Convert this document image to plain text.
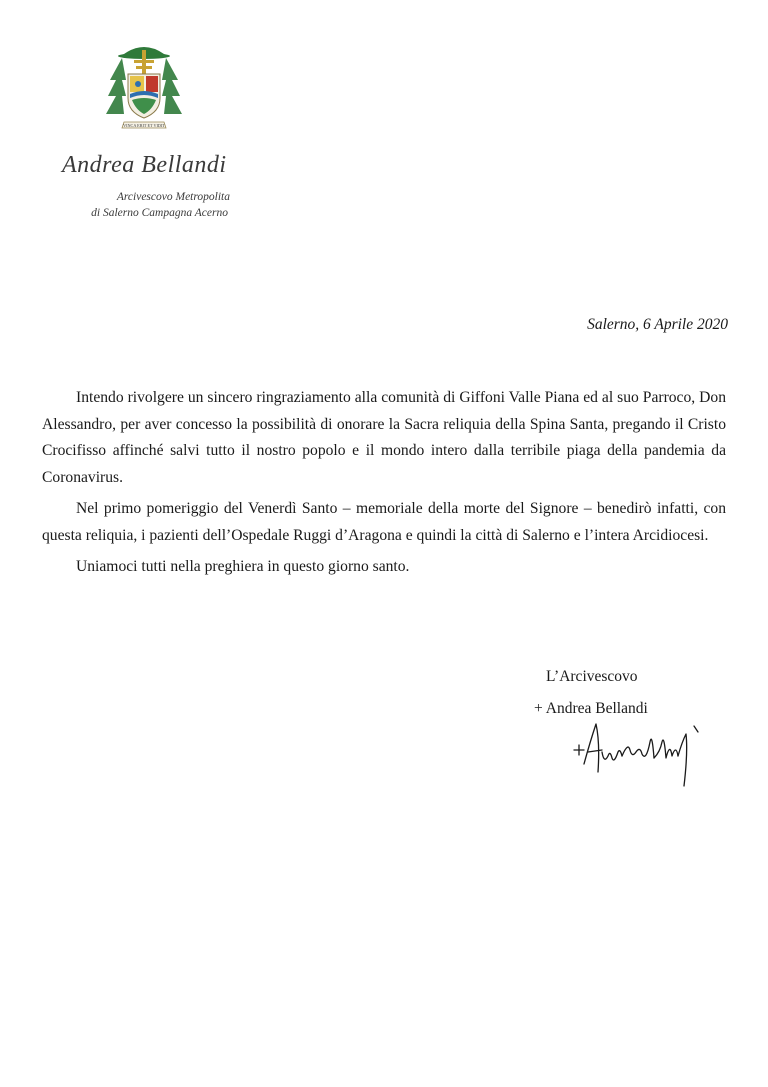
VINCA ERIT ET VIDIT
Andrea Bellandi
Arcivescovo Metropolita
di Salerno Campagna Acerno
Salerno, 6 Aprile 2020

Intendo rivolgere un sincero ringraziamento alla comunità di Giffoni Valle Piana ed al suo Parroco, Don Alessandro, per aver concesso la possibilità di onorare la Sacra reliquia della Spina Santa, pregando il Cristo Crocifisso affinché salvi tutto il nostro popolo e il mondo intero dalla terribile piaga della pandemia da Coronavirus.

Nel primo pomeriggio del Venerdì Santo – memoriale della morte del Signore – benedirò infatti, con questa reliquia, i pazienti dell’Ospedale Ruggi d’Aragona e quindi la città di Salerno e l’intera Arcidiocesi.

Uniamoci tutti nella preghiera in questo giorno santo.

L’Arcivescovo
+ Andrea Bellandi
